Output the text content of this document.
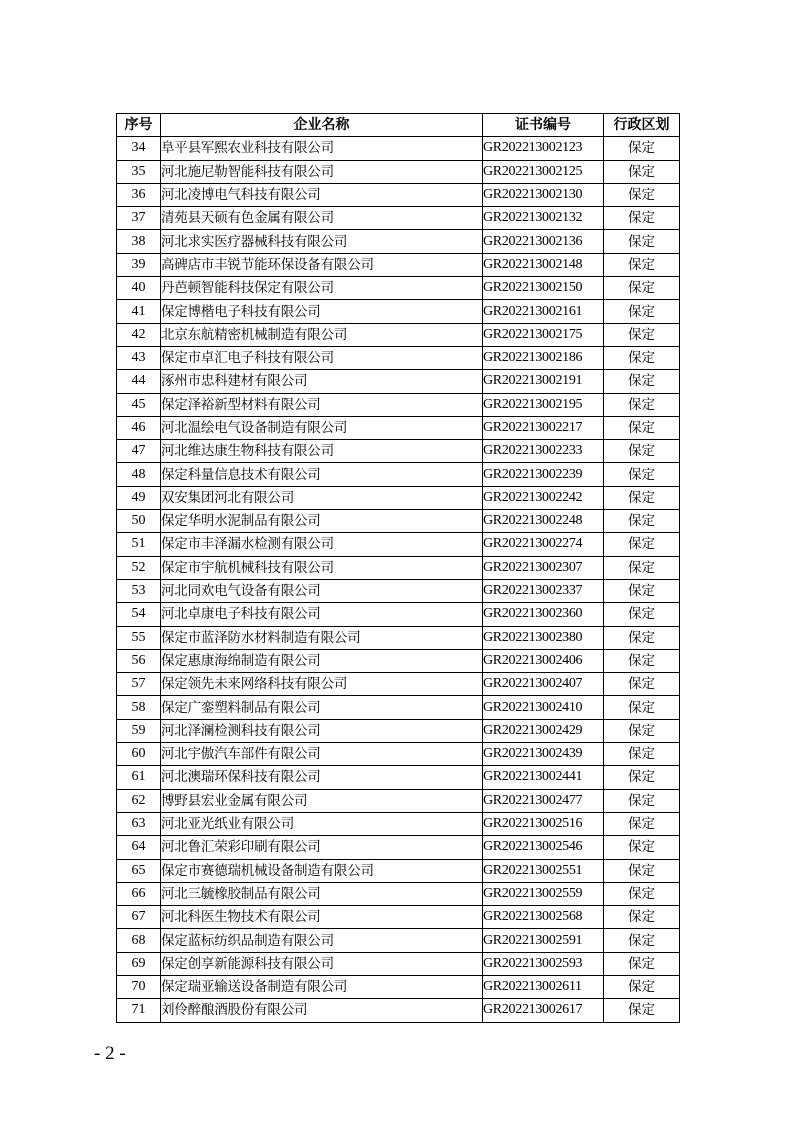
序号	企业名称	证书编号	行政区划
34	阜平县军熙农业科技有限公司	GR202213002123	保定
35	河北施尼勒智能科技有限公司	GR202213002125	保定
36	河北凌博电气科技有限公司	GR202213002130	保定
37	清苑县天硕有色金属有限公司	GR202213002132	保定
38	河北求实医疗器械科技有限公司	GR202213002136	保定
39	高碑店市丰锐节能环保设备有限公司	GR202213002148	保定
40	丹芭顿智能科技保定有限公司	GR202213002150	保定
41	保定博楷电子科技有限公司	GR202213002161	保定
42	北京东航精密机械制造有限公司	GR202213002175	保定
43	保定市卓汇电子科技有限公司	GR202213002186	保定
44	涿州市忠科建材有限公司	GR202213002191	保定
45	保定泽裕新型材料有限公司	GR202213002195	保定
46	河北温绘电气设备制造有限公司	GR202213002217	保定
47	河北维达康生物科技有限公司	GR202213002233	保定
48	保定科量信息技术有限公司	GR202213002239	保定
49	双安集团河北有限公司	GR202213002242	保定
50	保定华明水泥制品有限公司	GR202213002248	保定
51	保定市丰泽漏水检测有限公司	GR202213002274	保定
52	保定市宇航机械科技有限公司	GR202213002307	保定
53	河北同欢电气设备有限公司	GR202213002337	保定
54	河北卓康电子科技有限公司	GR202213002360	保定
55	保定市蓝泽防水材料制造有限公司	GR202213002380	保定
56	保定惠康海绵制造有限公司	GR202213002406	保定
57	保定领先未来网络科技有限公司	GR202213002407	保定
58	保定广銮塑料制品有限公司	GR202213002410	保定
59	河北泽澜检测科技有限公司	GR202213002429	保定
60	河北宇傲汽车部件有限公司	GR202213002439	保定
61	河北澳瑞环保科技有限公司	GR202213002441	保定
62	博野县宏业金属有限公司	GR202213002477	保定
63	河北亚光纸业有限公司	GR202213002516	保定
64	河北鲁汇荣彩印刷有限公司	GR202213002546	保定
65	保定市赛德瑞机械设备制造有限公司	GR202213002551	保定
66	河北三毓橡胶制品有限公司	GR202213002559	保定
67	河北科医生物技术有限公司	GR202213002568	保定
68	保定蓝标纺织品制造有限公司	GR202213002591	保定
69	保定创享新能源科技有限公司	GR202213002593	保定
70	保定瑞亚输送设备制造有限公司	GR202213002611	保定
71	刘伶醉酿酒股份有限公司	GR202213002617	保定
- 2 -
